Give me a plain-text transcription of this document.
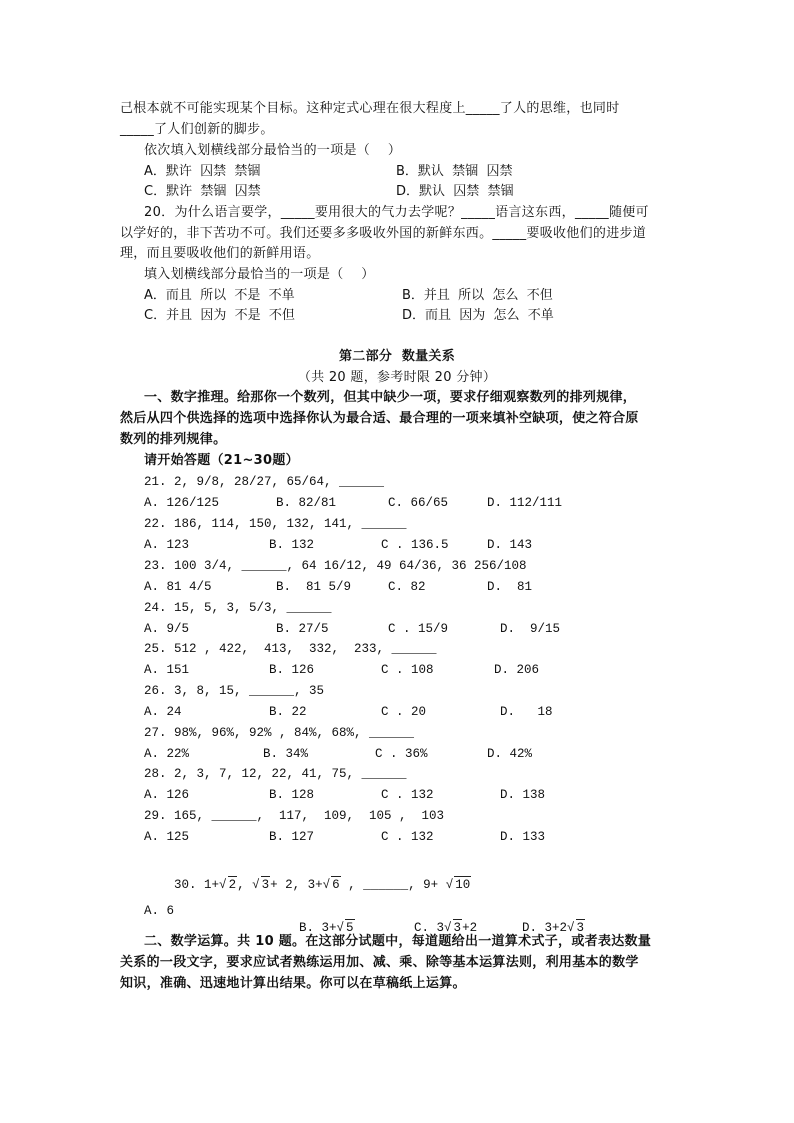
己根本就不可能实现某个目标。这种定式心理在很大程度上_____了人的思维，也同时
_____了人们创新的脚步。
依次填入划横线部分最恰当的一项是（    ）
A．默许  囚禁  禁锢	B．默认  禁锢  囚禁
C．默许  禁锢  囚禁	D．默认  囚禁  禁锢
20．为什么语言要学，_____要用很大的气力去学呢？_____语言这东西，_____随便可
以学好的，非下苦功不可。我们还要多多吸收外国的新鲜东西。_____要吸收他们的进步道
理，而且要吸收他们的新鲜用语。
填入划横线部分最恰当的一项是（    ）
A．而且  所以  不是  不单	B．并且  所以  怎么  不但
C．并且  因为  不是  不但	D．而且  因为  怎么  不单
第二部分  数量关系
（共 20 题，参考时限 20 分钟）
一、数字推理。给那你一个数列，但其中缺少一项，要求仔细观察数列的排列规律，
然后从四个供选择的选项中选择你认为最合适、最合理的一项来填补空缺项，使之符合原
数列的排列规律。
请开始答题（21~30题）
21. 2, 9/8, 28/27, 65/64, ______
A. 126/125	B. 82/81	C. 66/65	D. 112/111
22. 186, 114, 150, 132, 141, ______
A. 123	B. 132	C . 136.5	D. 143
23. 100 3/4, ______, 64 16/12, 49 64/36, 36 256/108
A. 81 4/5	B.  81 5/9	C. 82	D.  81
24. 15, 5, 3, 5/3, ______
A. 9/5	B. 27/5	C . 15/9	D.  9/15
25. 512 , 422,  413,  332,  233, ______
A. 151	B. 126	C . 108	D. 206
26. 3, 8, 15, ______, 35
A. 24	B. 22	C . 20	D.   18
27. 98%, 96%, 92% , 84%, 68%, ______
A. 22%	B. 34%	C . 36%	D. 42%
28. 2, 3, 7, 12, 22, 41, 75, ______
A. 126	B. 128	C . 132	D. 138
29. 165, ______,  117,  109,  105 ,  103
A. 125	B. 127	C . 132	D. 133

30. 1+√ 2, √ 3+ 2, 3+√ 6 , ______, 9+ √ 10

A. 6

B. 3+√ 5
	C. 3√ 3+2
	D. 3+2√ 3

二、数学运算。共 10 题。在这部分试题中，每道题给出一道算术式子，或者表达数量
关系的一段文字，要求应试者熟练运用加、减、乘、除等基本运算法则，利用基本的数学
知识，准确、迅速地计算出结果。你可以在草稿纸上运算。
